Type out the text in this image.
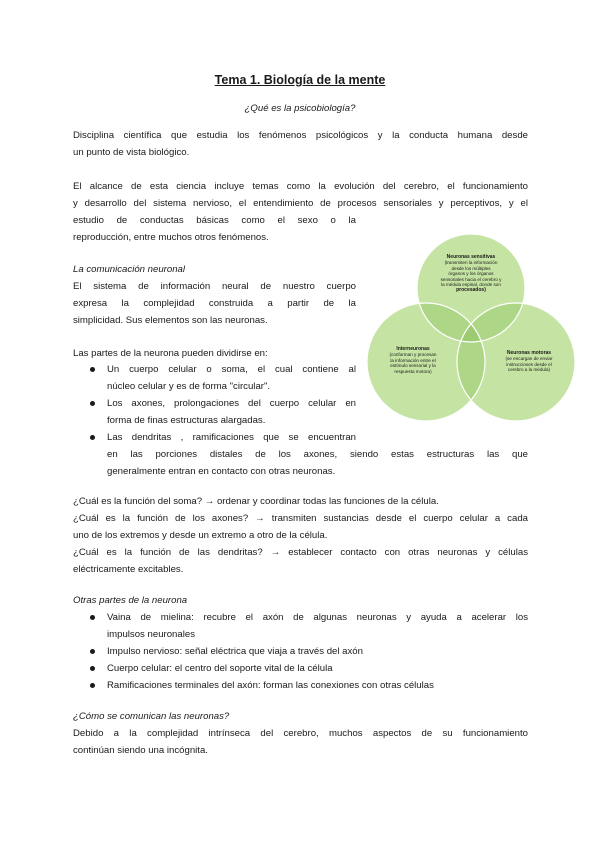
Tema 1. Biología de la mente
¿Qué es la psicobiología?
Disciplina científica que estudia los fenómenos psicológicos y la conducta humana desde
un punto de vista biológico.
El alcance de esta ciencia incluye temas como la evolución del cerebro, el funcionamiento
y desarrollo del sistema nervioso, el entendimiento de procesos sensoriales y perceptivos, y el
estudio de conductas básicas como el sexo o la
reproducción, entre muchos otros fenómenos.
La comunicación neuronal
El sistema de información neural de nuestro cuerpo
expresa la complejidad construida a partir de la
simplicidad. Sus elementos son las neuronas.
Las partes de la neurona pueden dividirse en:
Un cuerpo celular o soma, el cual contiene al
núcleo celular y es de forma "circular".
Los axones, prolongaciones del cuerpo celular en
forma de finas estructuras alargadas.
Las dendritas , ramificaciones que se encuentran
en las porciones distales de los axones, siendo estas estructuras las que
generalmente entran en contacto con otras neuronas.
Neuronas sensitivas
(transmiten la información
desde los múltiples
órganos y los órganos
sensoriales hacia el cerebro y
la médula espinal, donde son
procesados)
Interneuronas
(conforman y procesan
la información entre el
estímulo sensorial y la
respuesta motora)
Neuronas motoras
(se encargan de enviar
instrucciones desde el
cerebro a la médula)
¿Cuál es la función del soma? → ordenar y coordinar todas las funciones de la célula.
¿Cuál es la función de los axones? → transmiten sustancias desde el cuerpo celular a cada
uno de los extremos y desde un extremo a otro de la célula.
¿Cuál es la función de las dendritas? → establecer contacto con otras neuronas y células
eléctricamente excitables.
Otras partes de la neurona
Vaina de mielina: recubre el axón de algunas neuronas y ayuda a acelerar los
impulsos neuronales
Impulso nervioso: señal eléctrica que viaja a través del axón
Cuerpo celular: el centro del soporte vital de la célula
Ramificaciones terminales del axón: forman las conexiones con otras células
¿Cómo se comunican las neuronas?
Debido a la complejidad intrínseca del cerebro, muchos aspectos de su funcionamiento
continúan siendo una incógnita.
